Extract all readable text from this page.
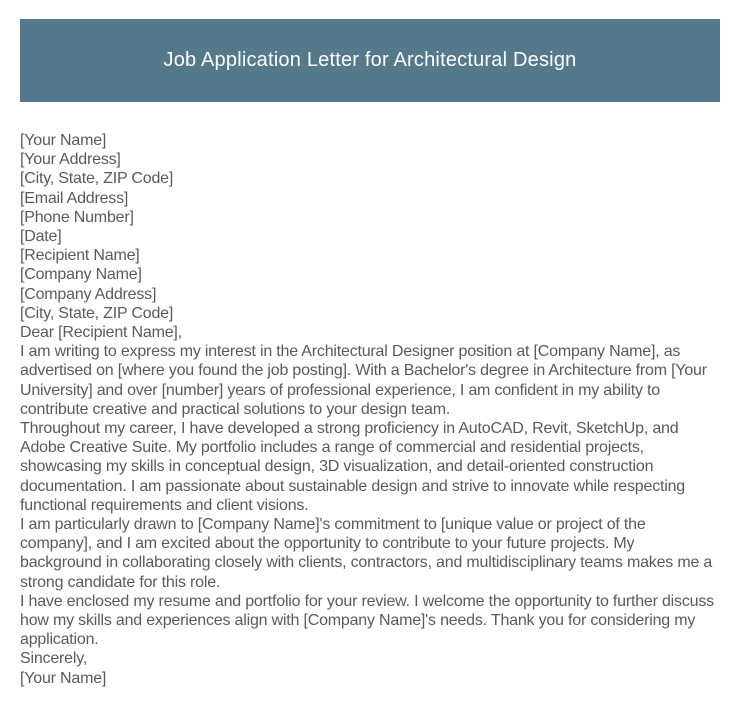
Job Application Letter for Architectural Design
[Your Name]
[Your Address]
[City, State, ZIP Code]
[Email Address]
[Phone Number]
[Date]
[Recipient Name]
[Company Name]
[Company Address]
[City, State, ZIP Code]
Dear [Recipient Name],

I am writing to express my interest in the Architectural Designer position at [Company Name], as advertised on [where you found the job posting]. With a Bachelor's degree in Architecture from [Your University] and over [number] years of professional experience, I am confident in my ability to contribute creative and practical solutions to your design team.

Throughout my career, I have developed a strong proficiency in AutoCAD, Revit, SketchUp, and Adobe Creative Suite. My portfolio includes a range of commercial and residential projects, showcasing my skills in conceptual design, 3D visualization, and detail-oriented construction documentation. I am passionate about sustainable design and strive to innovate while respecting functional requirements and client visions.

I am particularly drawn to [Company Name]'s commitment to [unique value or project of the company], and I am excited about the opportunity to contribute to your future projects. My background in collaborating closely with clients, contractors, and multidisciplinary teams makes me a strong candidate for this role.

I have enclosed my resume and portfolio for your review. I welcome the opportunity to further discuss how my skills and experiences align with [Company Name]'s needs. Thank you for considering my application.

Sincerely,
[Your Name]
